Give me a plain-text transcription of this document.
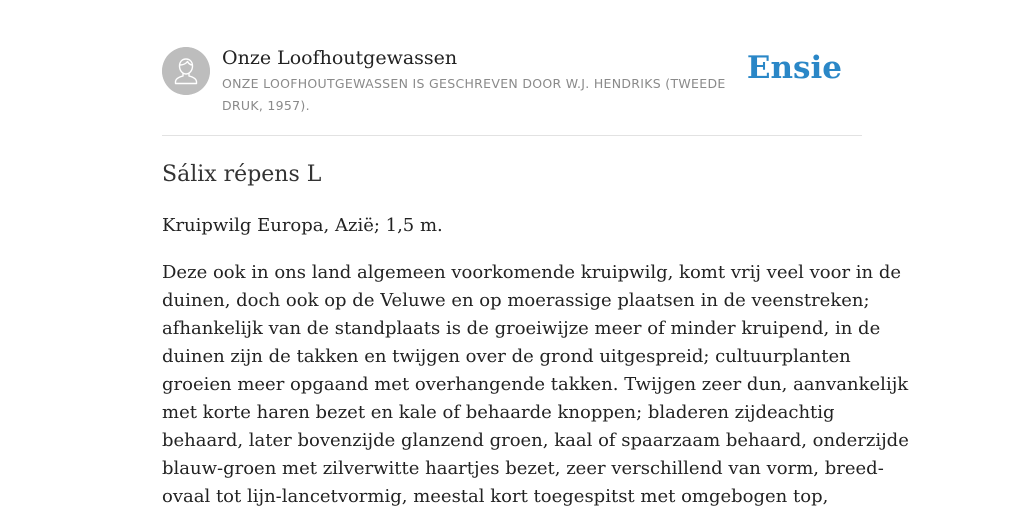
Onze Loofhoutgewassen
ONZE LOOFHOUTGEWASSEN IS GESCHREVEN DOOR W.J. HENDRIKS (TWEEDE
DRUK, 1957).
Ensie
Sálix répens L

Kruipwilg Europa, Azië; 1,5 m.

Deze ook in ons land algemeen voorkomende kruipwilg, komt vrij veel voor in de
duinen, doch ook op de Veluwe en op moerassige plaatsen in de veenstreken;
afhankelijk van de standplaats is de groeiwijze meer of minder kruipend, in de
duinen zijn de takken en twijgen over de grond uitgespreid; cultuurplanten
groeien meer opgaand met overhangende takken. Twijgen zeer dun, aanvankelijk
met korte haren bezet en kale of behaarde knoppen; bladeren zijdeachtig
behaard, later bovenzijde glanzend groen, kaal of spaarzaam behaard, onderzijde
blauw-groen met zilverwitte haartjes bezet, zeer verschillend van vorm, breed-
ovaal tot lijn-lancetvormig, meestal kort toegespitst met omgebogen top,
